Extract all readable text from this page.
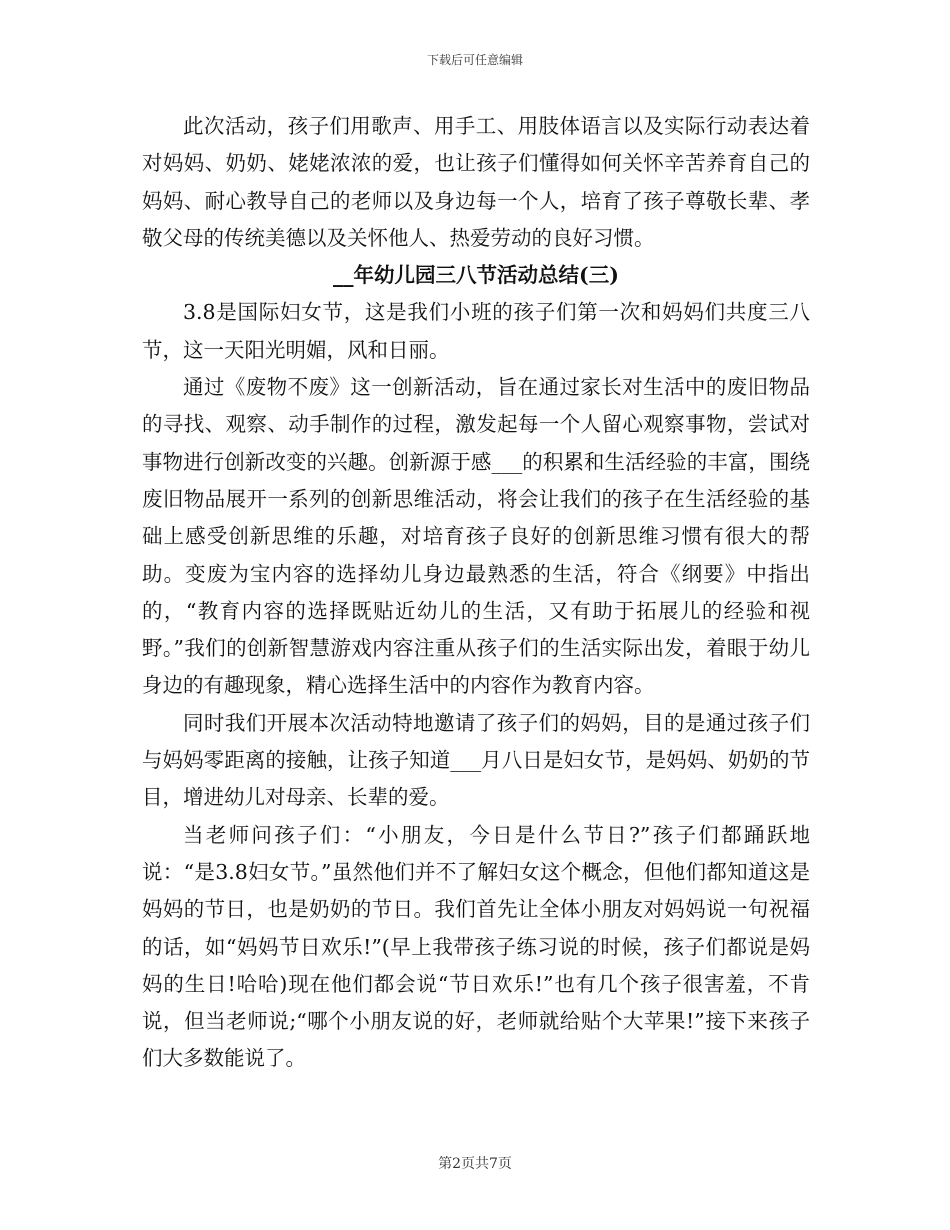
下载后可任意编辑

此次活动，孩子们用歌声、用手工、用肢体语言以及实际行动表达着对妈妈、奶奶、姥姥浓浓的爱，也让孩子们懂得如何关怀辛苦养育自己的妈妈、耐心教导自己的老师以及身边每一个人，培育了孩子尊敬长辈、孝敬父母的传统美德以及关怀他人、热爱劳动的良好习惯。

__年幼儿园三八节活动总结(三)

3.8是国际妇女节，这是我们小班的孩子们第一次和妈妈们共度三八节，这一天阳光明媚，风和日丽。

通过《废物不废》这一创新活动，旨在通过家长对生活中的废旧物品的寻找、观察、动手制作的过程，激发起每一个人留心观察事物，尝试对事物进行创新改变的兴趣。创新源于感___的积累和生活经验的丰富，围绕废旧物品展开一系列的创新思维活动，将会让我们的孩子在生活经验的基础上感受创新思维的乐趣，对培育孩子良好的创新思维习惯有很大的帮助。变废为宝内容的选择幼儿身边最熟悉的生活，符合《纲要》中指出的，“教育内容的选择既贴近幼儿的生活，又有助于拓展儿的经验和视野。”我们的创新智慧游戏内容注重从孩子们的生活实际出发，着眼于幼儿身边的有趣现象，精心选择生活中的内容作为教育内容。

同时我们开展本次活动特地邀请了孩子们的妈妈，目的是通过孩子们与妈妈零距离的接触，让孩子知道___月八日是妇女节，是妈妈、奶奶的节目，增进幼儿对母亲、长辈的爱。

当老师问孩子们：“小朋友，今日是什么节日?”孩子们都踊跃地说：“是3.8妇女节。”虽然他们并不了解妇女这个概念，但他们都知道这是妈妈的节日，也是奶奶的节日。我们首先让全体小朋友对妈妈说一句祝福的话，如“妈妈节日欢乐!”(早上我带孩子练习说的时候，孩子们都说是妈妈的生日!哈哈)现在他们都会说“节日欢乐!”也有几个孩子很害羞，不肯说，但当老师说;“哪个小朋友说的好，老师就给贴个大苹果!”接下来孩子们大多数能说了。

第2页共7页
